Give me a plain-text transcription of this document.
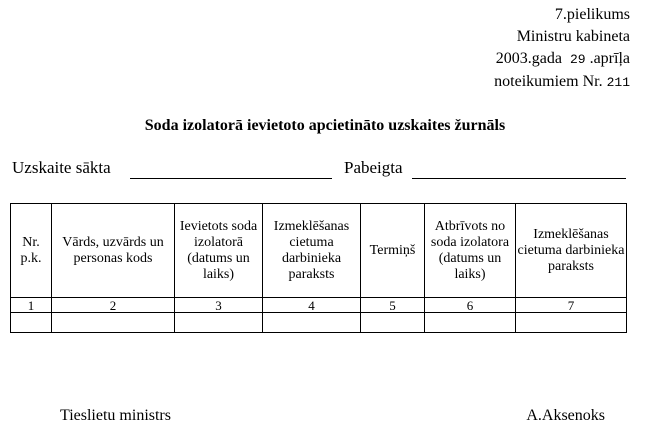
7.pielikums
Ministru kabineta
2003.gada 29 .aprīļa
noteikumiem Nr. 211
Soda izolatorā ievietoto apcietināto uzskaites žurnāls
Uzskaite sākta	Pabeigta
Nr. p.k.	Vārds, uzvārds un personas kods	Ievietots soda izolatorā (datums un laiks)	Izmeklēšanas cietuma darbinieka paraksts	Termiņš	Atbrīvots no soda izolatora (datums un laiks)	Izmeklēšanas cietuma darbinieka paraksts
1	2	3	4	5	6	7

Tieslietu ministrs	A.Aksenoks
